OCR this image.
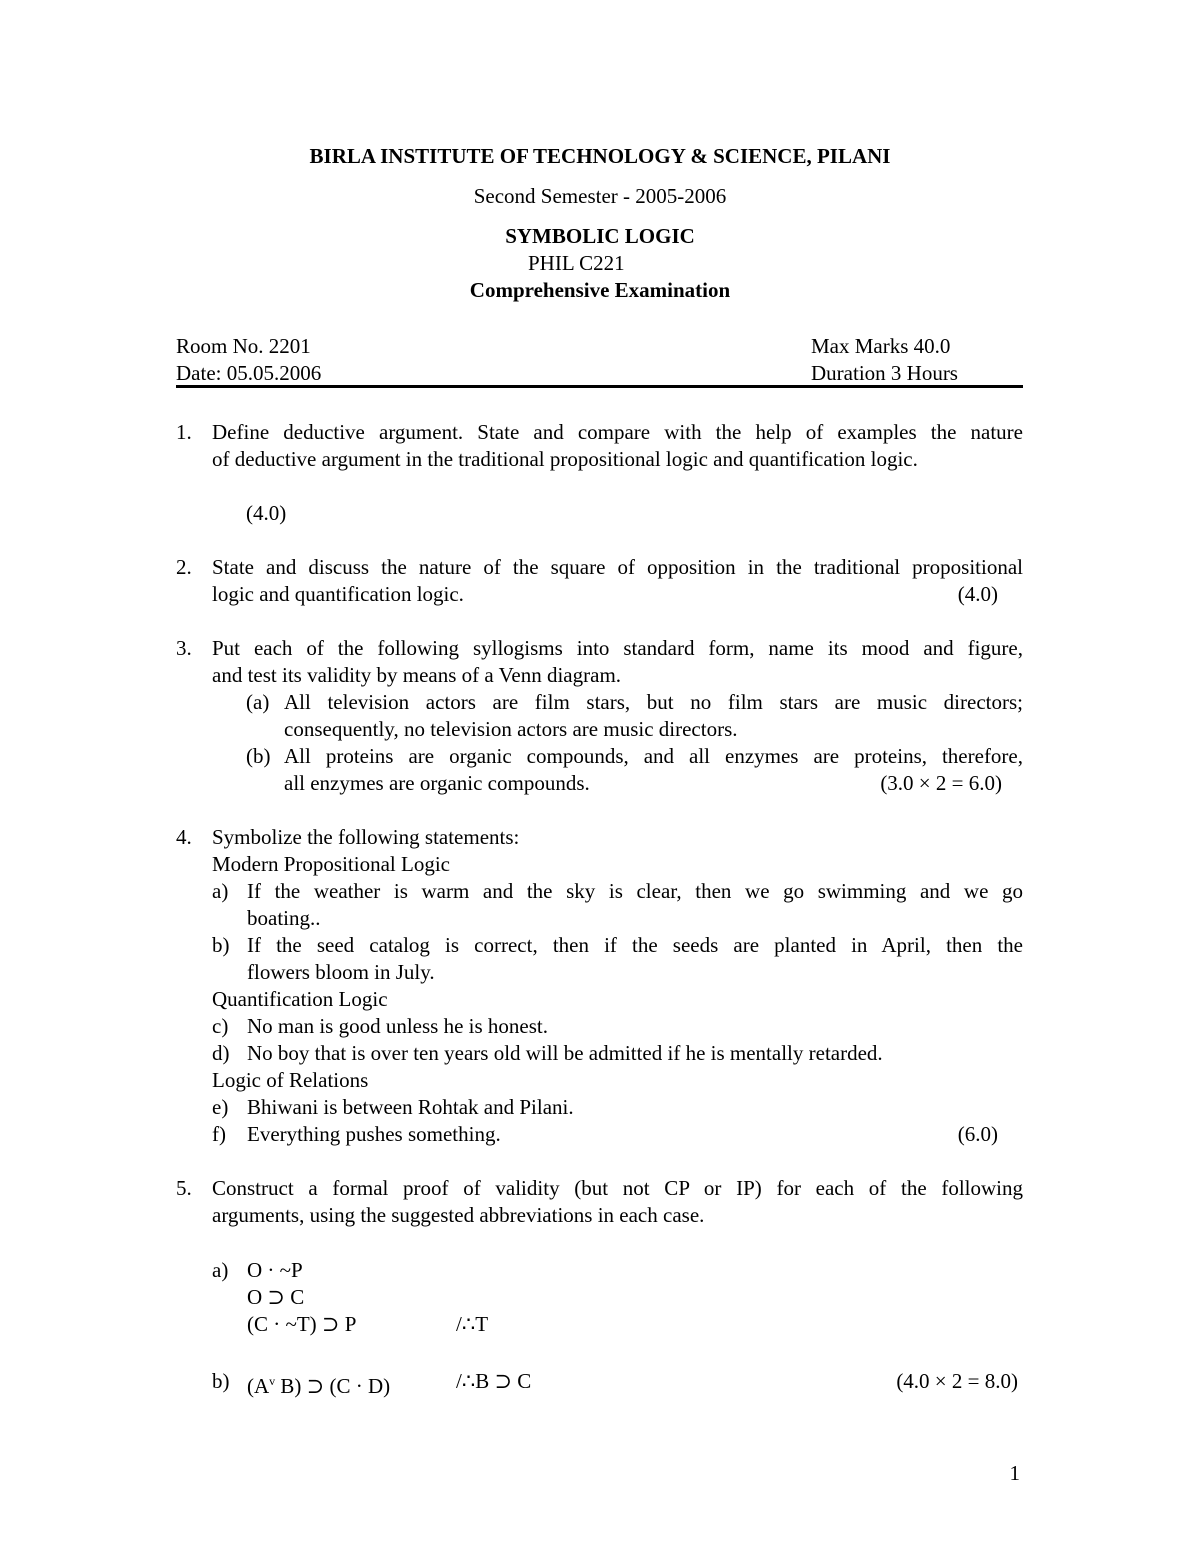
BIRLA INSTITUTE OF TECHNOLOGY & SCIENCE, PILANI
Second Semester - 2005-2006
SYMBOLIC LOGIC
PHIL C221
Comprehensive Examination
Room No. 2201	Max Marks 40.0
Date: 05.05.2006	Duration 3 Hours
1. Define deductive argument. State and compare with the help of examples the nature
of deductive argument in the traditional propositional logic and quantification logic.
(4.0)
2. State and discuss the nature of the square of opposition in the traditional propositional
logic and quantification logic.	(4.0)
3. Put each of the following syllogisms into standard form, name its mood and figure,
and test its validity by means of a Venn diagram.
(a) All television actors are film stars, but no film stars are music directors;
consequently, no television actors are music directors.
(b) All proteins are organic compounds, and all enzymes are proteins, therefore,
all enzymes are organic compounds.	(3.0 × 2 = 6.0)
4. Symbolize the following statements:
Modern Propositional Logic
a) If the weather is warm and the sky is clear, then we go swimming and we go
boating..
b) If the seed catalog is correct, then if the seeds are planted in April, then the
flowers bloom in July.
Quantification Logic
c) No man is good unless he is honest.
d) No boy that is over ten years old will be admitted if he is mentally retarded.
Logic of Relations
e) Bhiwani is between Rohtak and Pilani.
f) Everything pushes something.	(6.0)
5. Construct a formal proof of validity (but not CP or IP) for each of the following
arguments, using the suggested abbreviations in each case.
a) O · ~P
O ⊃ C
(C · ~T) ⊃ P	/∴T
b) ($A^v$ B) ⊃ (C · D)	/∴B ⊃ C	(4.0 × 2 = 8.0)
1
